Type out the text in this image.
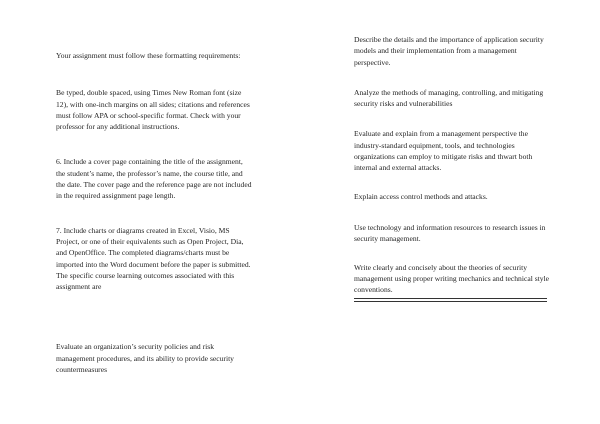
Your assignment must follow these formatting requirements:

Be typed, double spaced, using Times New Roman font (size
12), with one-inch margins on all sides; citations and references
must follow APA or school-specific format. Check with your
professor for any additional instructions.

6. Include a cover page containing the title of the assignment,
the student’s name, the professor’s name, the course title, and
the date. The cover page and the reference page are not included
in the required assignment page length.

7. Include charts or diagrams created in Excel, Visio, MS
Project, or one of their equivalents such as Open Project, Dia,
and OpenOffice. The completed diagrams/charts must be
imported into the Word document before the paper is submitted.
The specific course learning outcomes associated with this
assignment are

Evaluate an organization’s security policies and risk
management procedures, and its ability to provide security
countermeasures

Describe the details and the importance of application security
models and their implementation from a management
perspective.

Analyze the methods of managing, controlling, and mitigating
security risks and vulnerabilities

Evaluate and explain from a management perspective the
industry-standard equipment, tools, and technologies
organizations can employ to mitigate risks and thwart both
internal and external attacks.

Explain access control methods and attacks.

Use technology and information resources to research issues in
security management.

Write clearly and concisely about the theories of security
management using proper writing mechanics and technical style
conventions.
